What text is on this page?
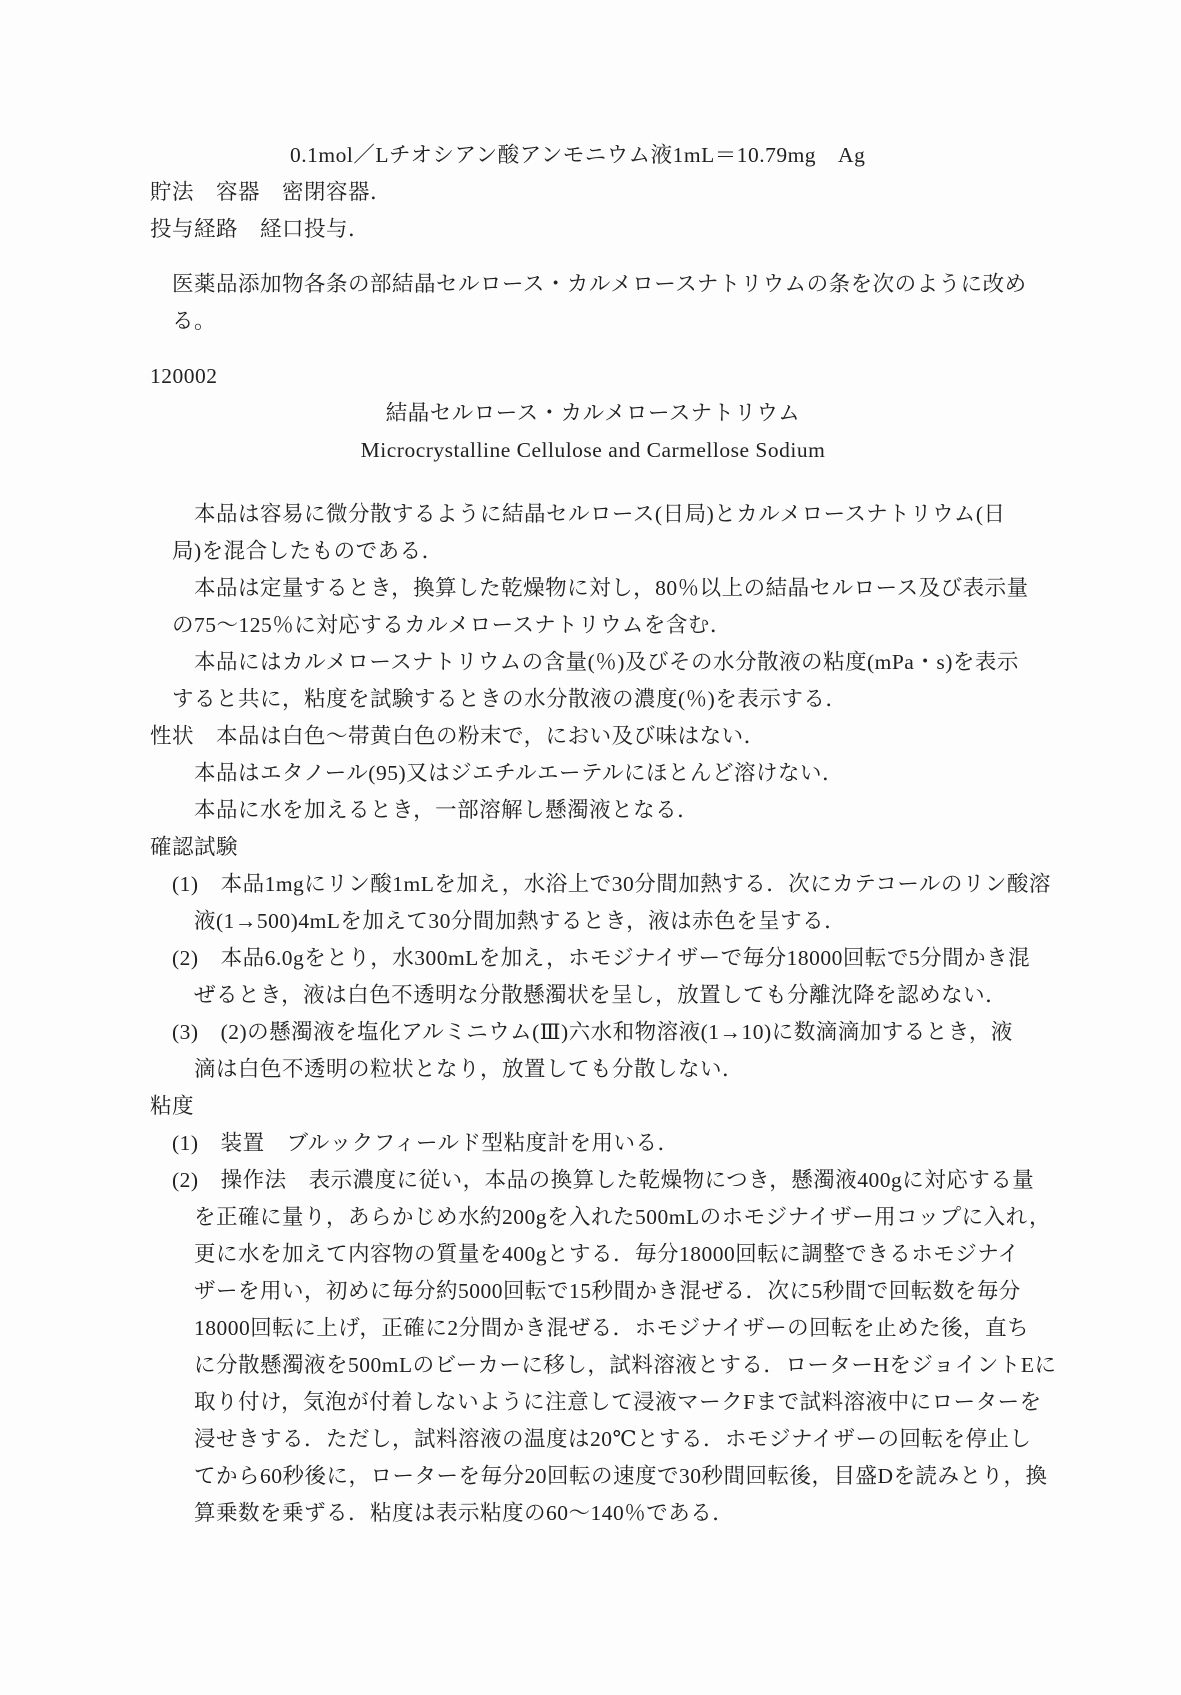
0.1mol／Lチオシアン酸アンモニウム液1mL＝10.79mg　Ag
貯法　容器　密閉容器．
投与経路　経口投与．
医薬品添加物各条の部結晶セルロース・カルメロースナトリウムの条を次のように改め
る。
120002
結晶セルロース・カルメロースナトリウム
Microcrystalline Cellulose and Carmellose Sodium
本品は容易に微分散するように結晶セルロース(日局)とカルメロースナトリウム(日
局)を混合したものである．
本品は定量するとき，換算した乾燥物に対し，80％以上の結晶セルロース及び表示量
の75〜125％に対応するカルメロースナトリウムを含む．
本品にはカルメロースナトリウムの含量(％)及びその水分散液の粘度(mPa・s)を表示
すると共に，粘度を試験するときの水分散液の濃度(％)を表示する．
性状　本品は白色〜帯黄白色の粉末で，におい及び味はない．
本品はエタノール(95)又はジエチルエーテルにほとんど溶けない．
本品に水を加えるとき，一部溶解し懸濁液となる．
確認試験
(1)　本品1mgにリン酸1mLを加え，水浴上で30分間加熱する．次にカテコールのリン酸溶
液(1→500)4mLを加えて30分間加熱するとき，液は赤色を呈する．
(2)　本品6.0gをとり，水300mLを加え，ホモジナイザーで毎分18000回転で5分間かき混
ぜるとき，液は白色不透明な分散懸濁状を呈し，放置しても分離沈降を認めない．
(3)　(2)の懸濁液を塩化アルミニウム(Ⅲ)六水和物溶液(1→10)に数滴滴加するとき，液
滴は白色不透明の粒状となり，放置しても分散しない．
粘度
(1)　装置　ブルックフィールド型粘度計を用いる．
(2)　操作法　表示濃度に従い，本品の換算した乾燥物につき，懸濁液400gに対応する量
を正確に量り，あらかじめ水約200gを入れた500mLのホモジナイザー用コップに入れ，
更に水を加えて内容物の質量を400gとする．毎分18000回転に調整できるホモジナイ
ザーを用い，初めに毎分約5000回転で15秒間かき混ぜる．次に5秒間で回転数を毎分
18000回転に上げ，正確に2分間かき混ぜる．ホモジナイザーの回転を止めた後，直ち
に分散懸濁液を500mLのビーカーに移し，試料溶液とする．ローターHをジョイントEに
取り付け，気泡が付着しないように注意して浸液マークFまで試料溶液中にローターを
浸せきする．ただし，試料溶液の温度は20℃とする．ホモジナイザーの回転を停止し
てから60秒後に，ローターを毎分20回転の速度で30秒間回転後，目盛Dを読みとり，換
算乗数を乗ずる．粘度は表示粘度の60〜140％である．
